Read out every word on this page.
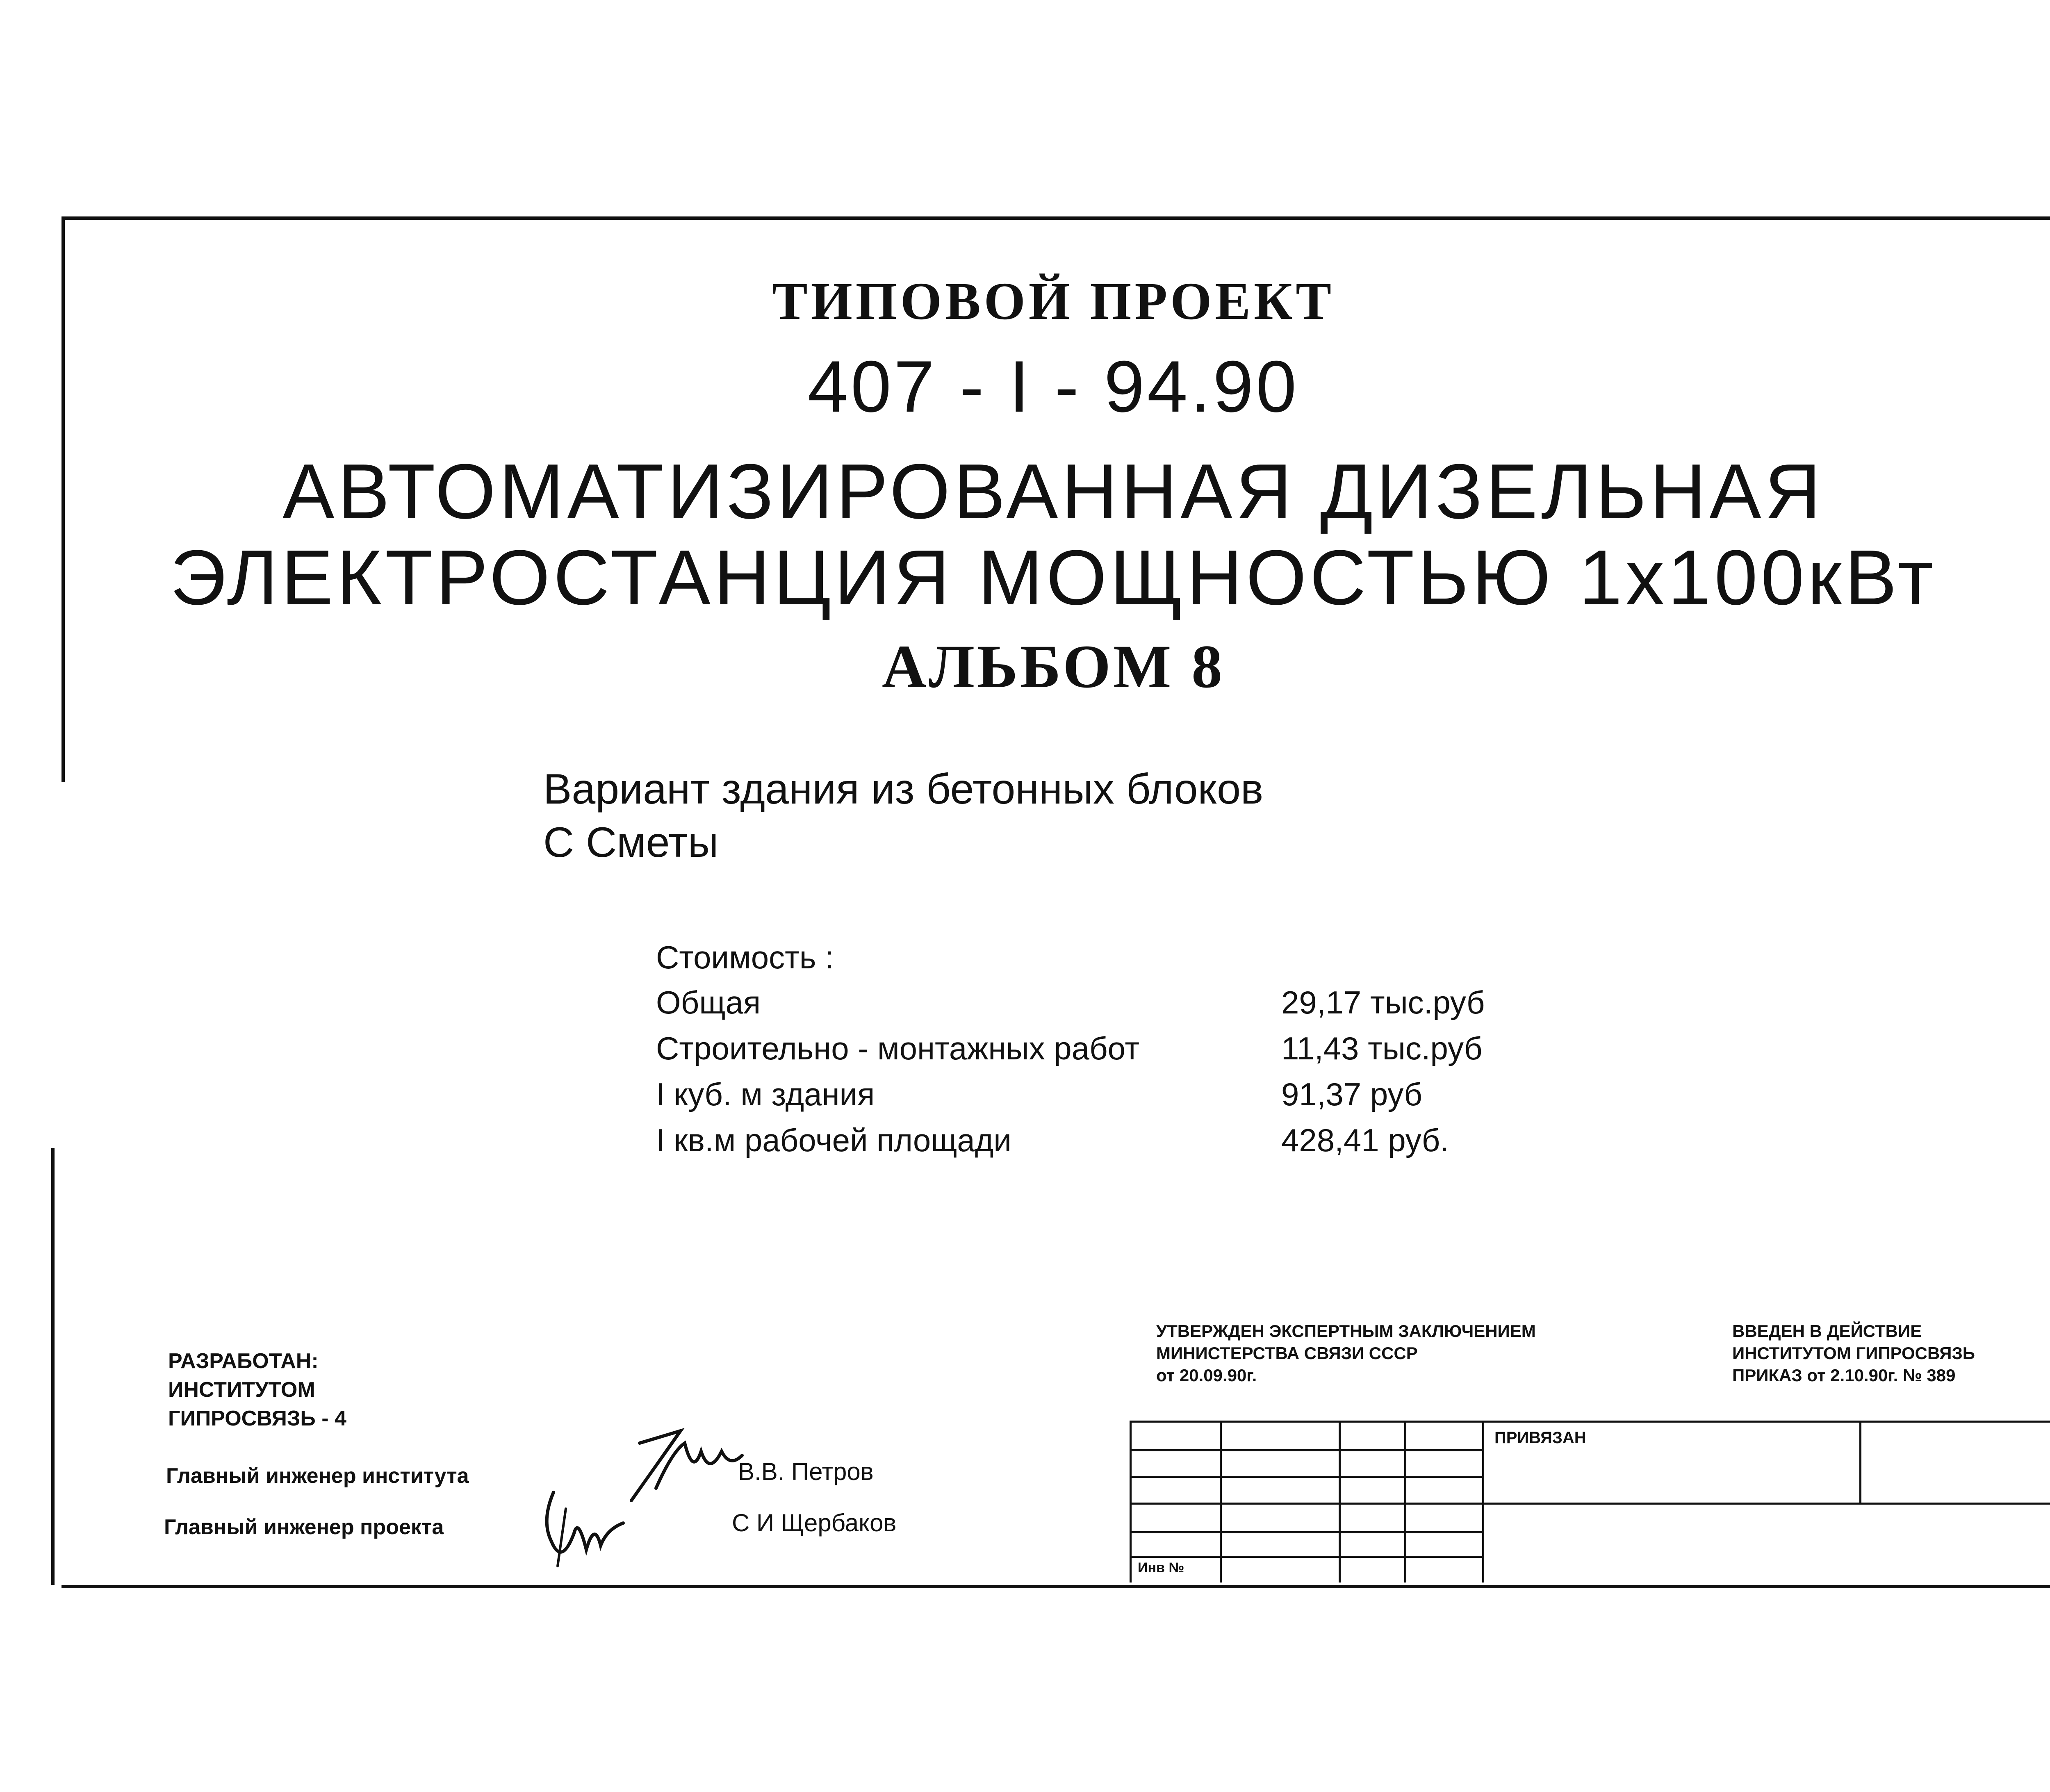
ТИПОВОЙ ПРОЕКТ
407 - I - 94.90
АВТОМАТИЗИРОВАННАЯ ДИЗЕЛЬНАЯ
ЭЛЕКТРОСТАНЦИЯ МОЩНОСТЬЮ 1x100кВт
АЛЬБОМ 8
Вариант здания из бетонных блоков
С Сметы
Стоимость :
Общая	29,17 тыс.руб
Строительно - монтажных работ	11,43 тыс.руб
I куб. м здания	91,37 руб
I кв.м рабочей площади	428,41 руб.
РАЗРАБОТАН:
ИНСТИТУТОМ
ГИПРОСВЯЗЬ - 4
УТВЕРЖДЕН ЭКСПЕРТНЫМ ЗАКЛЮЧЕНИЕМ
МИНИСТЕРСТВА СВЯЗИ СССР
от 20.09.90г.
ВВЕДЕН В ДЕЙСТВИЕ
ИНСТИТУТОМ ГИПРОСВЯЗЬ
ПРИКАЗ от 2.10.90г. № 389
Главный инженер института	В.В. Петров
Главный инженер проекта	С И Щербаков
ПРИВЯЗАН
Инв №
